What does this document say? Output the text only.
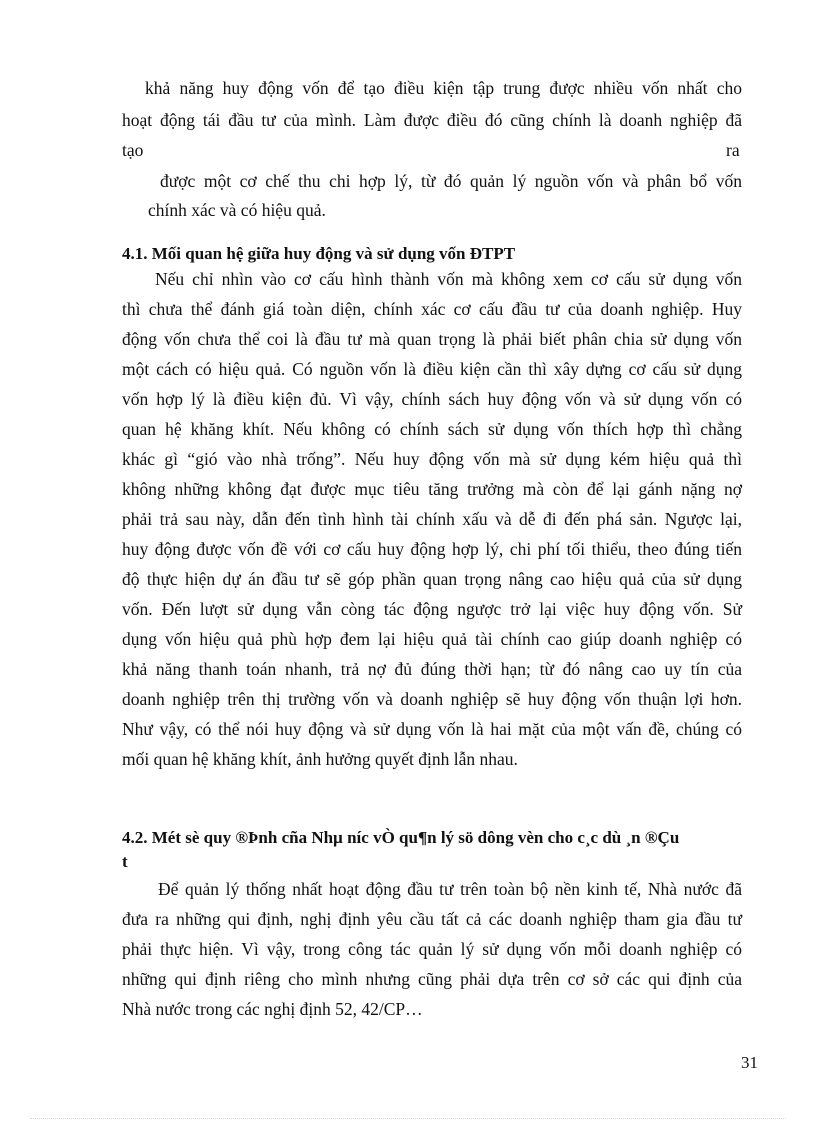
khả năng huy động vốn để tạo điều kiện tập trung được nhiều vốn nhất cho
hoạt động tái đầu tư của mình. Làm được điều đó cũng chính là doanh nghiệp đã
tạo	ra
được một cơ chế thu chi hợp lý, từ đó quản lý nguồn vốn và phân bổ vốn
chính xác và có hiệu quả.
4.1. Mối quan hệ giữa huy động và sử dụng vốn ĐTPT
Nếu chỉ nhìn vào cơ cấu hình thành vốn mà không xem cơ cấu sử dụng vốn
thì chưa thể đánh giá toàn diện, chính xác cơ cấu đầu tư của doanh nghiệp. Huy
động vốn chưa thể coi là đầu tư mà quan trọng là phải biết phân chia sử dụng vốn
một cách có hiệu quả. Có nguồn vốn là điều kiện cần thì xây dựng cơ cấu sử dụng
vốn hợp lý là điều kiện đủ. Vì vậy, chính sách huy động vốn và sử dụng vốn có
quan hệ khăng khít. Nếu không có chính sách sử dụng vốn thích hợp thì chẳng
khác gì “gió vào nhà trống”. Nếu huy động vốn mà sử dụng kém hiệu quả thì
không những không đạt được mục tiêu tăng trưởng mà còn để lại gánh nặng nợ
phải trả sau này, dẫn đến tình hình tài chính xấu và dễ đi đến phá sản. Ngược lại,
huy động được vốn đề với cơ cấu huy động hợp lý, chi phí tối thiểu, theo đúng tiến
độ thực hiện dự án đầu tư sẽ góp phần quan trọng nâng cao hiệu quả của sử dụng
vốn. Đến lượt sử dụng vẫn còng tác động ngược trở lại việc huy động vốn. Sử
dụng vốn hiệu quả phù hợp đem lại hiệu quả tài chính cao giúp doanh nghiệp có
khả năng thanh toán nhanh, trả nợ đủ đúng thời hạn; từ đó nâng cao uy tín của
doanh nghiệp trên thị trường vốn và doanh nghiệp sẽ huy động vốn thuận lợi hơn.
Như vậy, có thể nói huy động và sử dụng vốn là hai mặt của một vấn đề, chúng có
mối quan hệ khăng khít, ảnh hưởng quyết định lẫn nhau.
4.2. Mét sè quy ®Þnh cña Nhµ níc vÒ qu¶n lý sö dông vèn cho c¸c dù ¸n ®Çu
t
Để quản lý thống nhất hoạt động đầu tư trên toàn bộ nền kinh tế, Nhà nước đã
đưa ra những qui định, nghị định yêu cầu tất cả các doanh nghiệp tham gia đầu tư
phải thực hiện. Vì vậy, trong công tác quản lý sử dụng vốn mỗi doanh nghiệp có
những qui định riêng cho mình nhưng cũng phải dựa trên cơ sở các qui định của
Nhà nước trong các nghị định 52, 42/CP…
31
